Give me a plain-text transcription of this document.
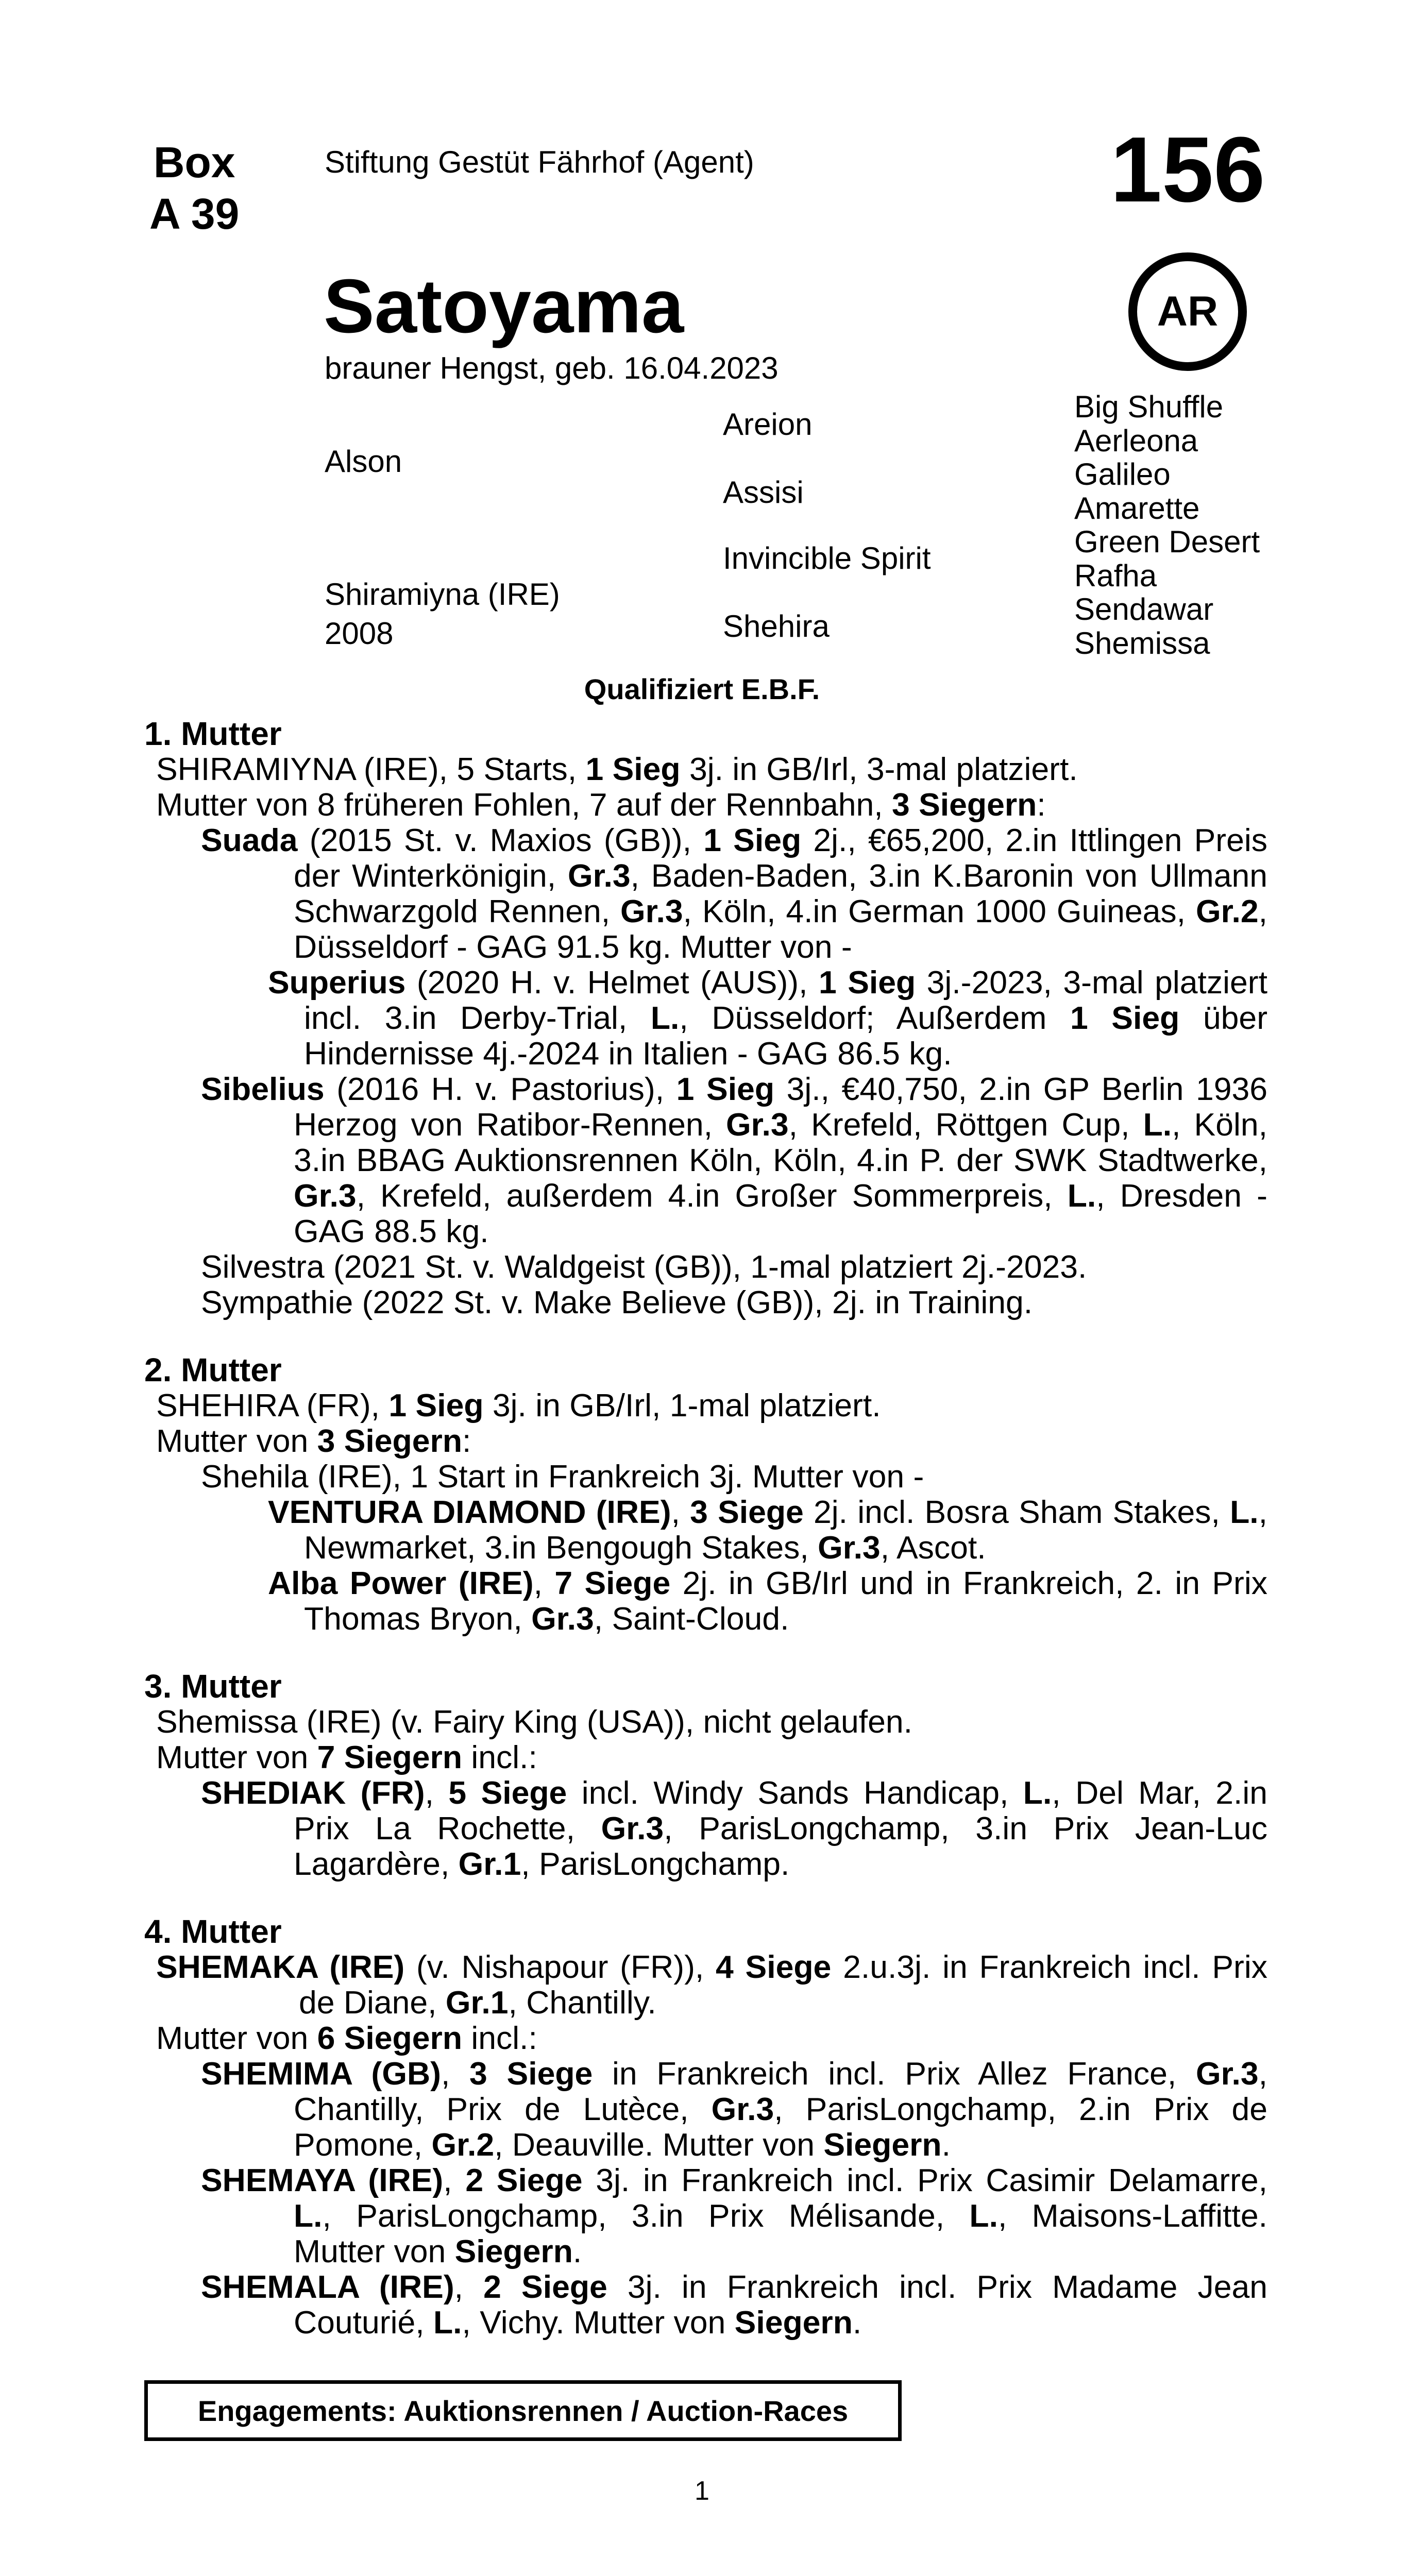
Box
A 39
Stiftung Gestüt Fährhof (Agent)	156
AR
Satoyama
brauner Hengst, geb. 16.04.2023
Alson
Shiramiyna (IRE)
2008
Areion
Assisi
Invincible Spirit
Shehira
Big Shuffle
Aerleona
Galileo
Amarette
Green Desert
Rafha
Sendawar
Shemissa
Qualifiziert E.B.F.

1. Mutter

SHIRAMIYNA (IRE), 5 Starts, 1 Sieg 3j. in GB/Irl, 3-mal platziert.

Mutter von 8 früheren Fohlen, 7 auf der Rennbahn, 3 Siegern:

Suada (2015 St. v. Maxios (GB)), 1 Sieg 2j., €65,200, 2.in Ittlingen Preis der Winterkönigin, Gr.3, Baden-Baden, 3.in K.Baronin von Ullmann Schwarzgold Rennen, Gr.3, Köln, 4.in German 1000 Guineas, Gr.2, Düsseldorf - GAG 91.5 kg. Mutter von -

Superius (2020 H. v. Helmet (AUS)), 1 Sieg 3j.-2023, 3-mal platziert incl. 3.in Derby-Trial, L., Düsseldorf; Außerdem 1 Sieg über Hindernisse 4j.-2024 in Italien - GAG 86.5 kg.

Sibelius (2016 H. v. Pastorius), 1 Sieg 3j., €40,750, 2.in GP Berlin 1936 Herzog von Ratibor-Rennen, Gr.3, Krefeld, Röttgen Cup, L., Köln, 3.in BBAG Auktionsrennen Köln, Köln, 4.in P. der SWK Stadtwerke, Gr.3, Krefeld, außerdem 4.in Großer Sommerpreis, L., Dresden - GAG 88.5 kg.

Silvestra (2021 St. v. Waldgeist (GB)), 1-mal platziert 2j.-2023.

Sympathie (2022 St. v. Make Believe (GB)), 2j. in Training.

2. Mutter

SHEHIRA (FR), 1 Sieg 3j. in GB/Irl, 1-mal platziert.

Mutter von 3 Siegern:

Shehila (IRE), 1 Start in Frankreich 3j. Mutter von -

VENTURA DIAMOND (IRE), 3 Siege 2j. incl. Bosra Sham Stakes, L., Newmarket, 3.in Bengough Stakes, Gr.3, Ascot.

Alba Power (IRE), 7 Siege 2j. in GB/Irl und in Frankreich, 2. in Prix Thomas Bryon, Gr.3, Saint-Cloud.

3. Mutter

Shemissa (IRE) (v. Fairy King (USA)), nicht gelaufen.

Mutter von 7 Siegern incl.:

SHEDIAK (FR), 5 Siege incl. Windy Sands Handicap, L., Del Mar, 2.in Prix La Rochette, Gr.3, ParisLongchamp, 3.in Prix Jean-Luc Lagardère, Gr.1, ParisLongchamp.

4. Mutter

SHEMAKA (IRE) (v. Nishapour (FR)), 4 Siege 2.u.3j. in Frankreich incl. Prix de Diane, Gr.1, Chantilly.

Mutter von 6 Siegern incl.:

SHEMIMA (GB), 3 Siege in Frankreich incl. Prix Allez France, Gr.3, Chantilly, Prix de Lutèce, Gr.3, ParisLongchamp, 2.in Prix de Pomone, Gr.2, Deauville. Mutter von Siegern.

SHEMAYA (IRE), 2 Siege 3j. in Frankreich incl. Prix Casimir Delamarre, L., ParisLongchamp, 3.in Prix Mélisande, L., Maisons-Laffitte. Mutter von Siegern.

SHEMALA (IRE), 2 Siege 3j. in Frankreich incl. Prix Madame Jean Couturié, L., Vichy. Mutter von Siegern.

Engagements: Auktionsrennen / Auction-Races
1
